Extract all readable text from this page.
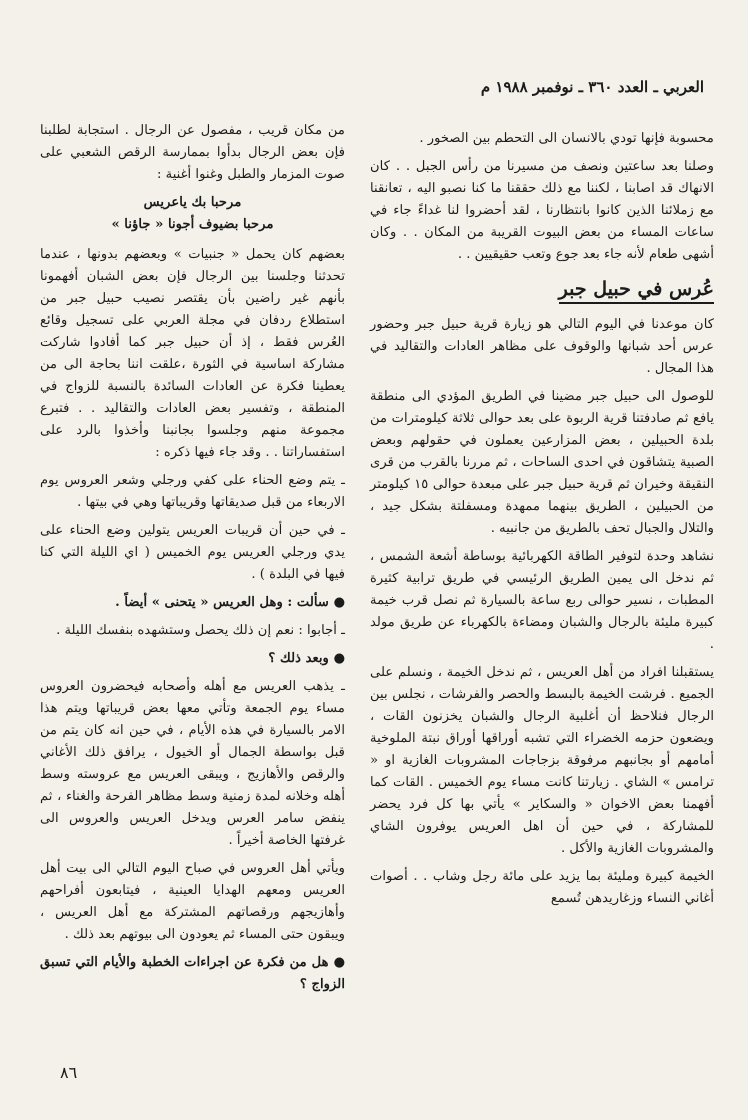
العربي ـ العدد ٣٦٠ ـ نوفمبر ١٩٨٨ م

محسوبة فإنها تودي بالانسان الى التحطم بين الصخور .

وصلنا بعد ساعتين ونصف من مسيرنا من رأس الجبل . . كان الانهاك قد اصابنا ، لكننا مع ذلك حققنا ما كنا نصبو اليه ، تعانقنا مع زملائنا الذين كانوا بانتظارنا ، لقد أحضروا لنا غداءً جاء في ساعات المساء من بعض البيوت القريبة من المكان . . وكان أشهى طعام لأنه جاء بعد جوع وتعب حقيقيين . .

عُرس في حبيل جبر

كان موعدنا في اليوم التالي هو زيارة قرية حبيل جبر وحضور عرس أحد شبانها والوقوف على مظاهر العادات والتقاليد في هذا المجال .

للوصول الى حبيل جبر مضينا في الطريق المؤدي الى منطقة يافع ثم صادفتنا قرية الربوة على بعد حوالى ثلاثة كيلومترات من بلدة الحبيلين ، بعض المزارعين يعملون في حقولهم وبعض الصبية يتشاقون في احدى الساحات ، ثم مررنا بالقرب من قرى النقيقة وخيران ثم قرية حبيل جبر على مبعدة حوالى ١٥ كيلومتر من الحبيلين ، الطريق بينهما ممهدة ومسفلتة بشكل جيد ، والتلال والجبال تحف بالطريق من جانبيه .

نشاهد وحدة لتوفير الطاقة الكهربائية بوساطة أشعة الشمس ، ثم ندخل الى يمين الطريق الرئيسي في طريق ترابية كثيرة المطبات ، نسير حوالى ربع ساعة بالسيارة ثم نصل قرب خيمة كبيرة مليئة بالرجال والشبان ومضاءة بالكهرباء عن طريق مولد .

يستقبلنا افراد من أهل العريس ، ثم ندخل الخيمة ، ونسلم على الجميع . فرشت الخيمة بالبسط والحصر والفرشات ، نجلس بين الرجال فنلاحظ أن أغلبية الرجال والشبان يخزنون القات ، ويضعون حزمه الخضراء التي تشبه أوراقها أوراق نبتة الملوخية أمامهم أو بجانبهم مرفوقة بزجاجات المشروبات الغازية او « ترامس » الشاي . زيارتنا كانت مساء يوم الخميس . القات كما أفهمنا بعض الاخوان « والسكاير » يأتي بها كل فرد يحضر للمشاركة ، في حين أن اهل العريس يوفرون الشاي والمشروبات الغازية والأكل .

الخيمة كبيرة ومليئة بما يزيد على مائة رجل وشاب . . أصوات أغاني النساء وزغاريدهن تُسمع

من مكان قريب ، مفصول عن الرجال . استجابة لطلبنا فإن بعض الرجال بدأوا بممارسة الرقص الشعبي على صوت المزمار والطبل وغنوا أغنية :

مرحبا بك ياعريس
مرحبا بضيوف أجونا « جاؤنا »

بعضهم كان يحمل « جنبيات » وبعضهم بدونها ، عندما تحدثنا وجلسنا بين الرجال فإن بعض الشبان أفهمونا بأنهم غير راضين بأن يقتصر نصيب حبيل جبر من استطلاع ردفان في مجلة العربي على تسجيل وقائع العُرس فقط ، إذ أن حبيل جبر كما أفادوا شاركت مشاركة اساسية في الثورة ،علقت اننا بحاجة الى من يعطينا فكرة عن العادات السائدة بالنسبة للزواج في المنطقة ، وتفسير بعض العادات والتقاليد . . فتبرع مجموعة منهم وجلسوا بجانبنا وأخذوا بالرد على استفساراتنا . . وقد جاء فيها ذكره :

ـ يتم وضع الحناء على كفي ورجلي وشعر العروس يوم الاربعاء من قبل صديقاتها وقريباتها وهي في بيتها .

ـ في حين أن قريبات العريس يتولين وضع الحناء على يدي ورجلي العريس يوم الخميس ( اي الليلة التي كنا فيها في البلدة ) .

● سألت : وهل العريس « يتحنى » أيضاً .

ـ أجابوا : نعم إن ذلك يحصل وستشهده بنفسك الليلة .

● وبعد ذلك ؟

ـ يذهب العريس مع أهله وأصحابه فيحضرون العروس مساء يوم الجمعة وتأتي معها بعض قريباتها ويتم هذا الامر بالسيارة في هذه الأيام ، في حين انه كان يتم من قبل بواسطة الجمال أو الخيول ، يرافق ذلك الأغاني والرقص والأهازيج ، ويبقى العريس مع عروسته وسط أهله وخلانه لمدة زمنية وسط مظاهر الفرحة والغناء ، ثم ينفض سامر العرس ويدخل العريس والعروس الى غرفتها الخاصة أخيراً .

ويأتي أهل العروس في صباح اليوم التالي الى بيت أهل العريس ومعهم الهدايا العينية ، فيتابعون أفراحهم وأهازيجهم ورقصاتهم المشتركة مع أهل العريس ، ويبقون حتى المساء ثم يعودون الى بيوتهم بعد ذلك .

● هل من فكرة عن اجراءات الخطبة والأيام التي تسبق الزواج ؟

٨٦
